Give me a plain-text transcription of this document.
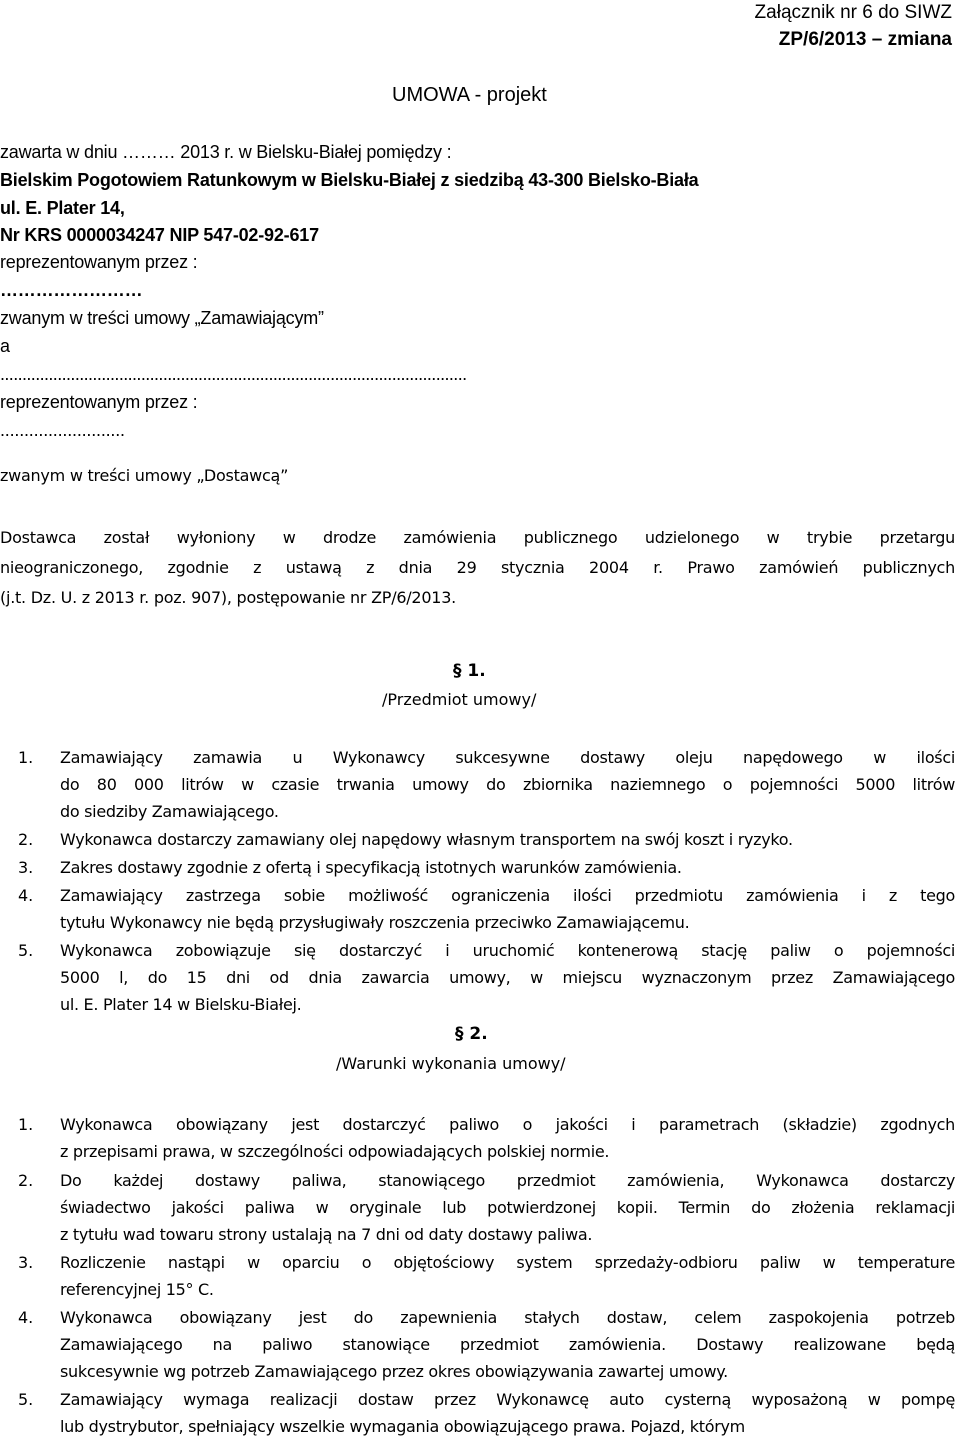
Załącznik nr 6 do SIWZ
ZP/6/2013 – zmiana
UMOWA - projekt
zawarta w dniu ……… 2013 r. w Bielsku-Białej pomiędzy :
Bielskim Pogotowiem Ratunkowym w Bielsku-Białej z siedzibą 43-300 Bielsko-Biała
ul. E. Plater 14,
Nr KRS 0000034247 NIP 547-02-92-617
reprezentowanym przez :
……………………
zwanym w treści umowy „Zamawiającym”
a
..........................................................................................................
reprezentowanym przez :
..........................
zwanym w treści umowy „Dostawcą”
Dostawca został wyłoniony w drodze zamówienia publicznego udzielonego w trybie przetargu
nieograniczonego, zgodnie z ustawą z dnia 29 stycznia 2004 r. Prawo zamówień publicznych
(j.t. Dz. U. z 2013 r. poz. 907), postępowanie nr ZP/6/2013.
§ 1.
/Przedmiot umowy/
1. Zamawiający zamawia u Wykonawcy sukcesywne dostawy oleju napędowego w ilości
do 80 000 litrów w czasie trwania umowy do zbiornika naziemnego o pojemności 5000 litrów
do siedziby Zamawiającego.
2. Wykonawca dostarczy zamawiany olej napędowy własnym transportem na swój koszt i ryzyko.
3. Zakres dostawy zgodnie z ofertą i specyfikacją istotnych warunków zamówienia.
4. Zamawiający zastrzega sobie możliwość ograniczenia ilości przedmiotu zamówienia i z tego
tytułu Wykonawcy nie będą przysługiwały roszczenia przeciwko Zamawiającemu.
5. Wykonawca zobowiązuje się dostarczyć i uruchomić kontenerową stację paliw o pojemności
5000 l, do 15 dni od dnia zawarcia umowy, w miejscu wyznaczonym przez Zamawiającego
ul. E. Plater 14 w Bielsku-Białej.
§ 2.
/Warunki wykonania umowy/
1. Wykonawca obowiązany jest dostarczyć paliwo o jakości i parametrach (składzie) zgodnych
z przepisami prawa, w szczególności odpowiadających polskiej normie.
2. Do każdej dostawy paliwa, stanowiącego przedmiot zamówienia, Wykonawca dostarczy
świadectwo jakości paliwa w oryginale lub potwierdzonej kopii. Termin do złożenia reklamacji
z tytułu wad towaru strony ustalają na 7 dni od daty dostawy paliwa.
3. Rozliczenie nastąpi w oparciu o objętościowy system sprzedaży-odbioru paliw w temperature
referencyjnej 15° C.
4. Wykonawca obowiązany jest do zapewnienia stałych dostaw, celem zaspokojenia potrzeb
Zamawiającego na paliwo stanowiące przedmiot zamówienia. Dostawy realizowane będą
sukcesywnie wg potrzeb Zamawiającego przez okres obowiązywania zawartej umowy.
5. Zamawiający wymaga realizacji dostaw przez Wykonawcę auto cysterną wyposażoną w pompę
lub dystrybutor, spełniający wszelkie wymagania obowiązującego prawa. Pojazd, którym
